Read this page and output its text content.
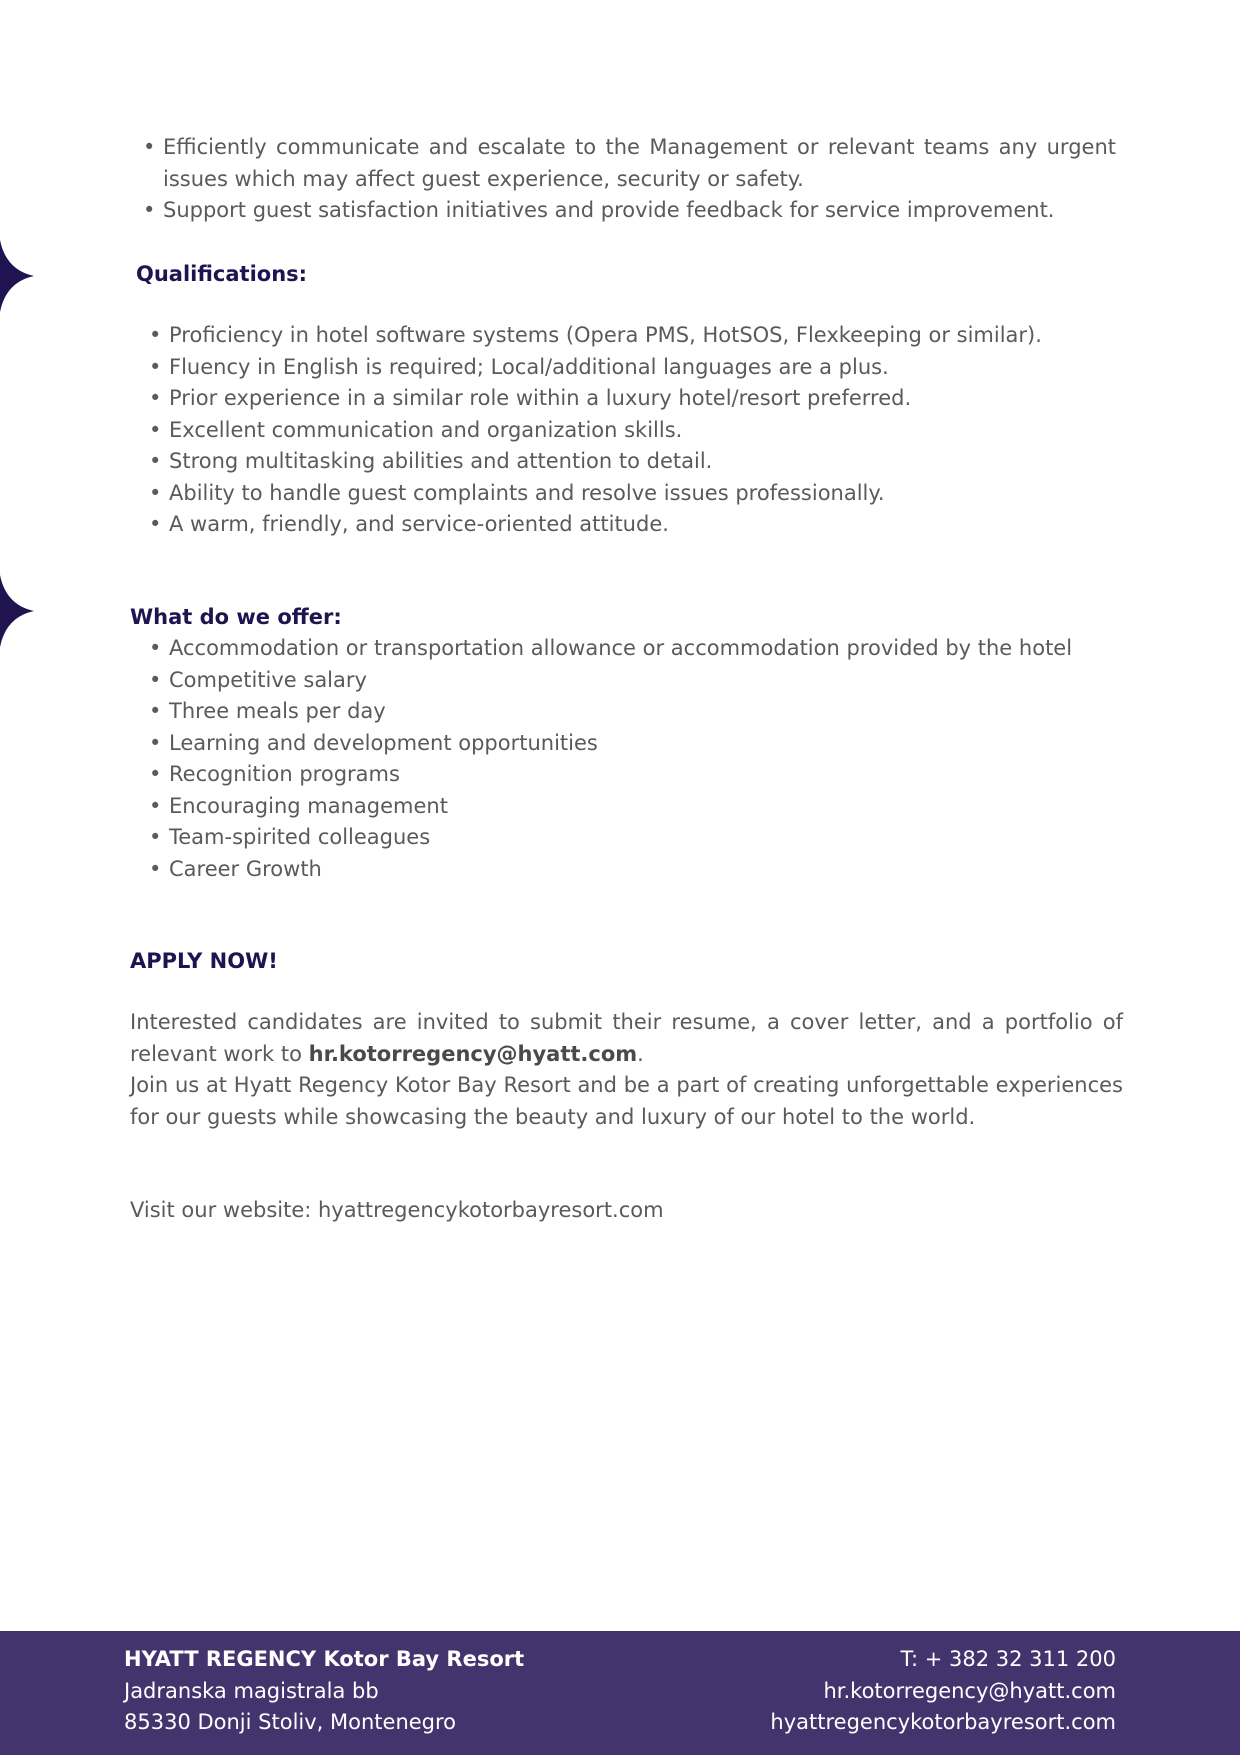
• Efficiently communicate and escalate to the Management or relevant teams any urgent issues which may affect guest experience, security or safety.
• Support guest satisfaction initiatives and provide feedback for service improvement.
Qualifications:
• Proficiency in hotel software systems (Opera PMS, HotSOS, Flexkeeping or similar).
• Fluency in English is required; Local/additional languages are a plus.
• Prior experience in a similar role within a luxury hotel/resort preferred.
• Excellent communication and organization skills.
• Strong multitasking abilities and attention to detail.
• Ability to handle guest complaints and resolve issues professionally.
• A warm, friendly, and service-oriented attitude.
What do we offer:
• Accommodation or transportation allowance or accommodation provided by the hotel
• Competitive salary
• Three meals per day
• Learning and development opportunities
• Recognition programs
• Encouraging management
• Team-spirited colleagues
• Career Growth
APPLY NOW!

Interested candidates are invited to submit their resume, a cover letter, and a portfolio of relevant work to hr.kotorregency@hyatt.com.

Join us at Hyatt Regency Kotor Bay Resort and be a part of creating unforgettable experiences for our guests while showcasing the beauty and luxury of our hotel to the world.

Visit our website: hyattregencykotorbayresort.com

HYATT REGENCY Kotor Bay Resort
Jadranska magistrala bb
85330 Donji Stoliv, Montenegro
T: + 382 32 311 200
hr.kotorregency@hyatt.com
hyattregencykotorbayresort.com
